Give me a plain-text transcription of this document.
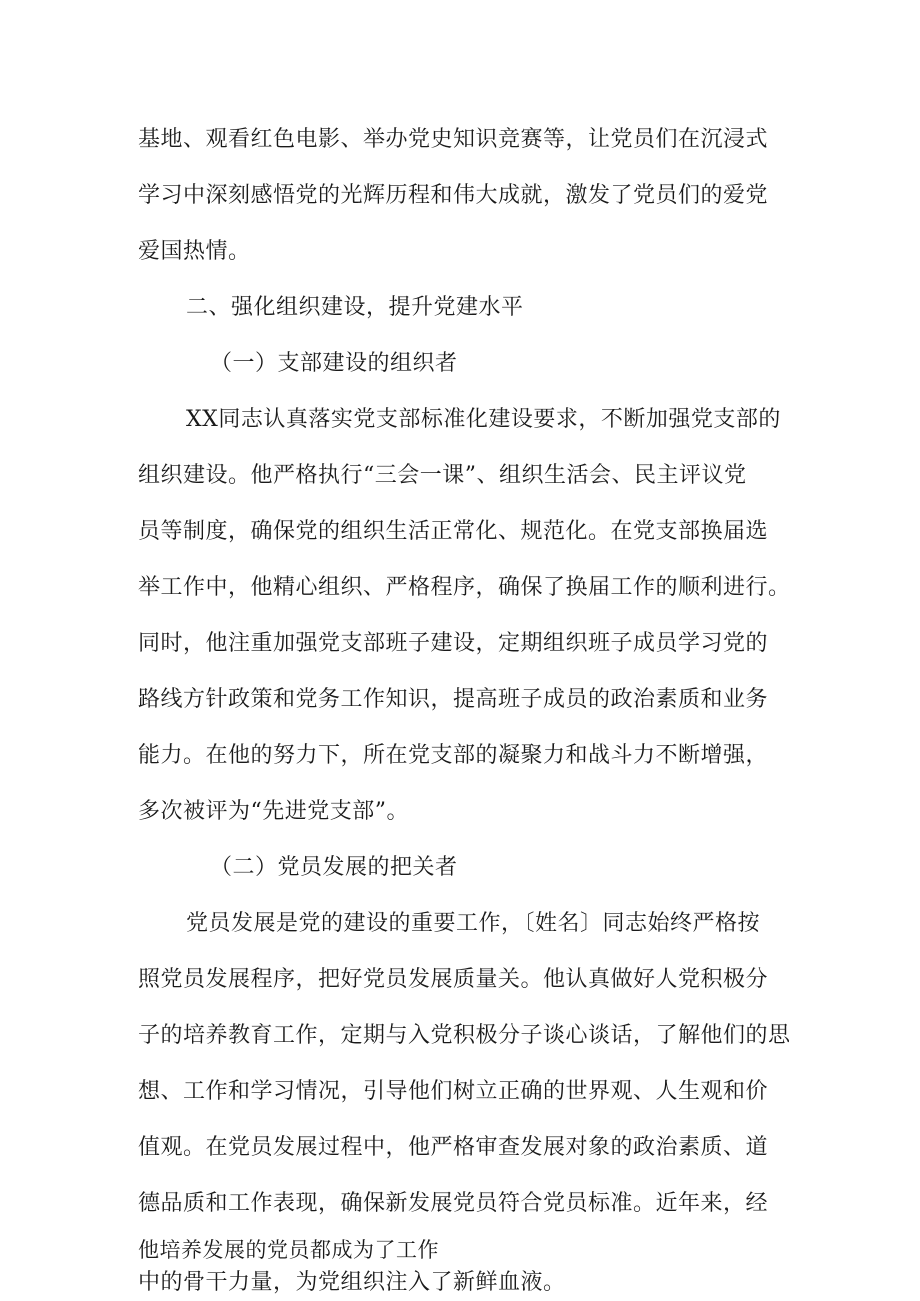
基地、观看红色电影、举办党史知识竞赛等，让党员们在沉浸式
学习中深刻感悟党的光辉历程和伟大成就，激发了党员们的爱党
爱国热情。
二、强化组织建设，提升党建水平
（一）支部建设的组织者
XX同志认真落实党支部标准化建设要求，不断加强党支部的
组织建设。他严格执行“三会一课”、组织生活会、民主评议党
员等制度，确保党的组织生活正常化、规范化。在党支部换届选
举工作中，他精心组织、严格程序，确保了换届工作的顺利进行。
同时，他注重加强党支部班子建设，定期组织班子成员学习党的
路线方针政策和党务工作知识，提高班子成员的政治素质和业务
能力。在他的努力下，所在党支部的凝聚力和战斗力不断增强，
多次被评为“先进党支部”。
（二）党员发展的把关者
党员发展是党的建设的重要工作，〔姓名〕同志始终严格按
照党员发展程序，把好党员发展质量关。他认真做好人党积极分
子的培养教育工作，定期与入党积极分子谈心谈话，了解他们的思
想、工作和学习情况，引导他们树立正确的世界观、人生观和价
值观。在党员发展过程中，他严格审查发展对象的政治素质、道
德品质和工作表现，确保新发展党员符合党员标准。近年来，经
他培养发展的党员都成为了工作
中的骨干力量，为党组织注入了新鲜血液。
